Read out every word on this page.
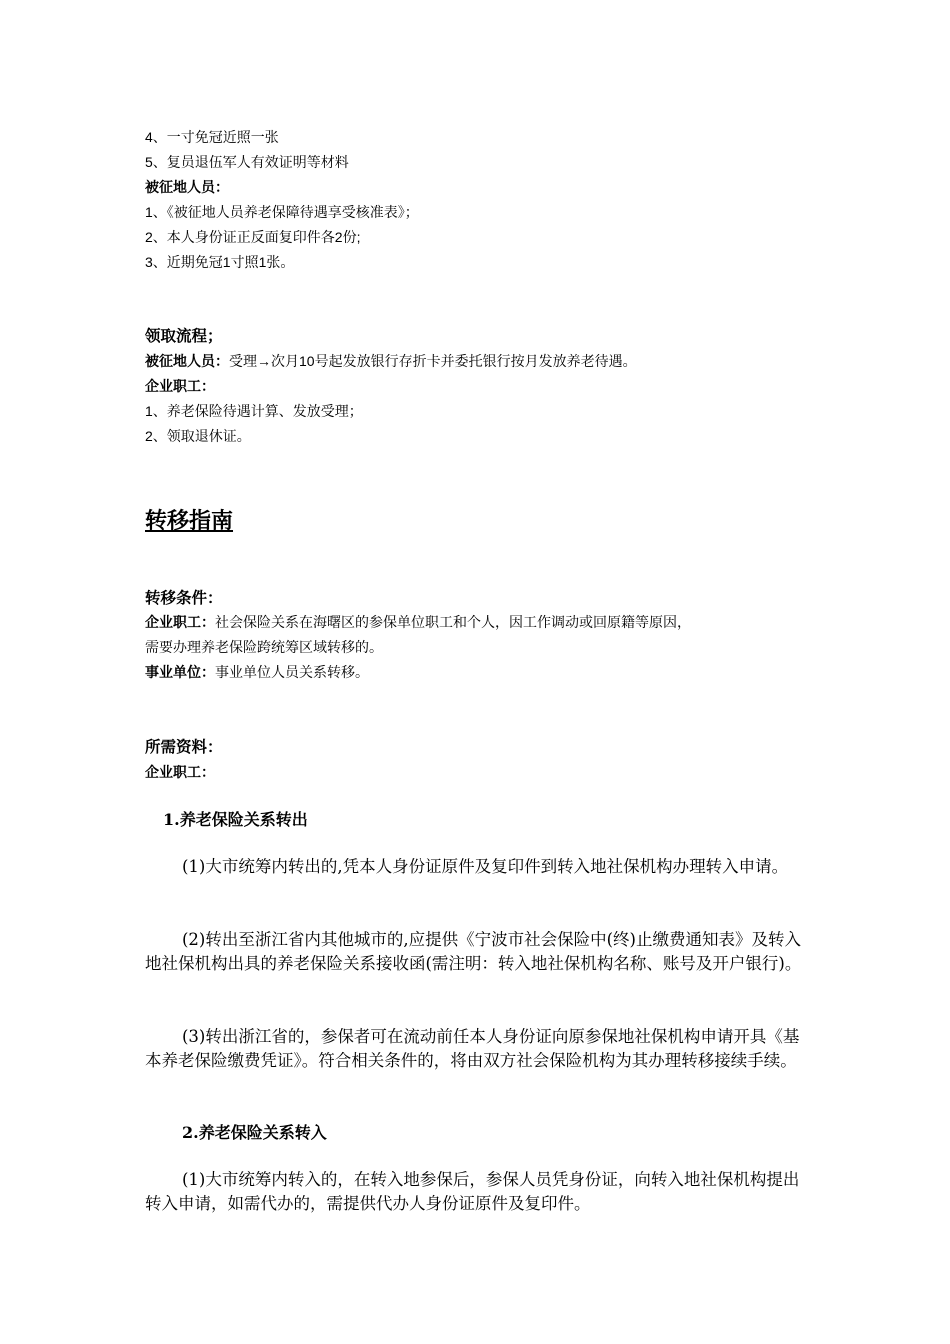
4、一寸免冠近照一张
5、复员退伍军人有效证明等材料
被征地人员：
1、《被征地人员养老保障待遇享受核准表》；
2、本人身份证正反面复印件各2份;
3、近期免冠1寸照1张。
领取流程；
被征地人员：受理→次月10号起发放银行存折卡并委托银行按月发放养老待遇。
企业职工：
1、养老保险待遇计算、发放受理；
2、领取退休证。
转移指南
转移条件：
企业职工：社会保险关系在海曙区的参保单位职工和个人，因工作调动或回原籍等原因，
需要办理养老保险跨统筹区域转移的。
事业单位：事业单位人员关系转移。
所需资料：
企业职工：
1.养老保险关系转出
(1)大市统筹内转出的,凭本人身份证原件及复印件到转入地社保机构办理转入申请。
(2)转出至浙江省内其他城市的,应提供《宁波市社会保险中(终)止缴费通知表》及转入地社保机构出具的养老保险关系接收函(需注明：转入地社保机构名称、账号及开户银行)。
(3)转出浙江省的，参保者可在流动前任本人身份证向原参保地社保机构申请开具《基本养老保险缴费凭证》。符合相关条件的，将由双方社会保险机构为其办理转移接续手续。
2.养老保险关系转入
(1)大市统筹内转入的，在转入地参保后，参保人员凭身份证，向转入地社保机构提出转入申请，如需代办的，需提供代办人身份证原件及复印件。
